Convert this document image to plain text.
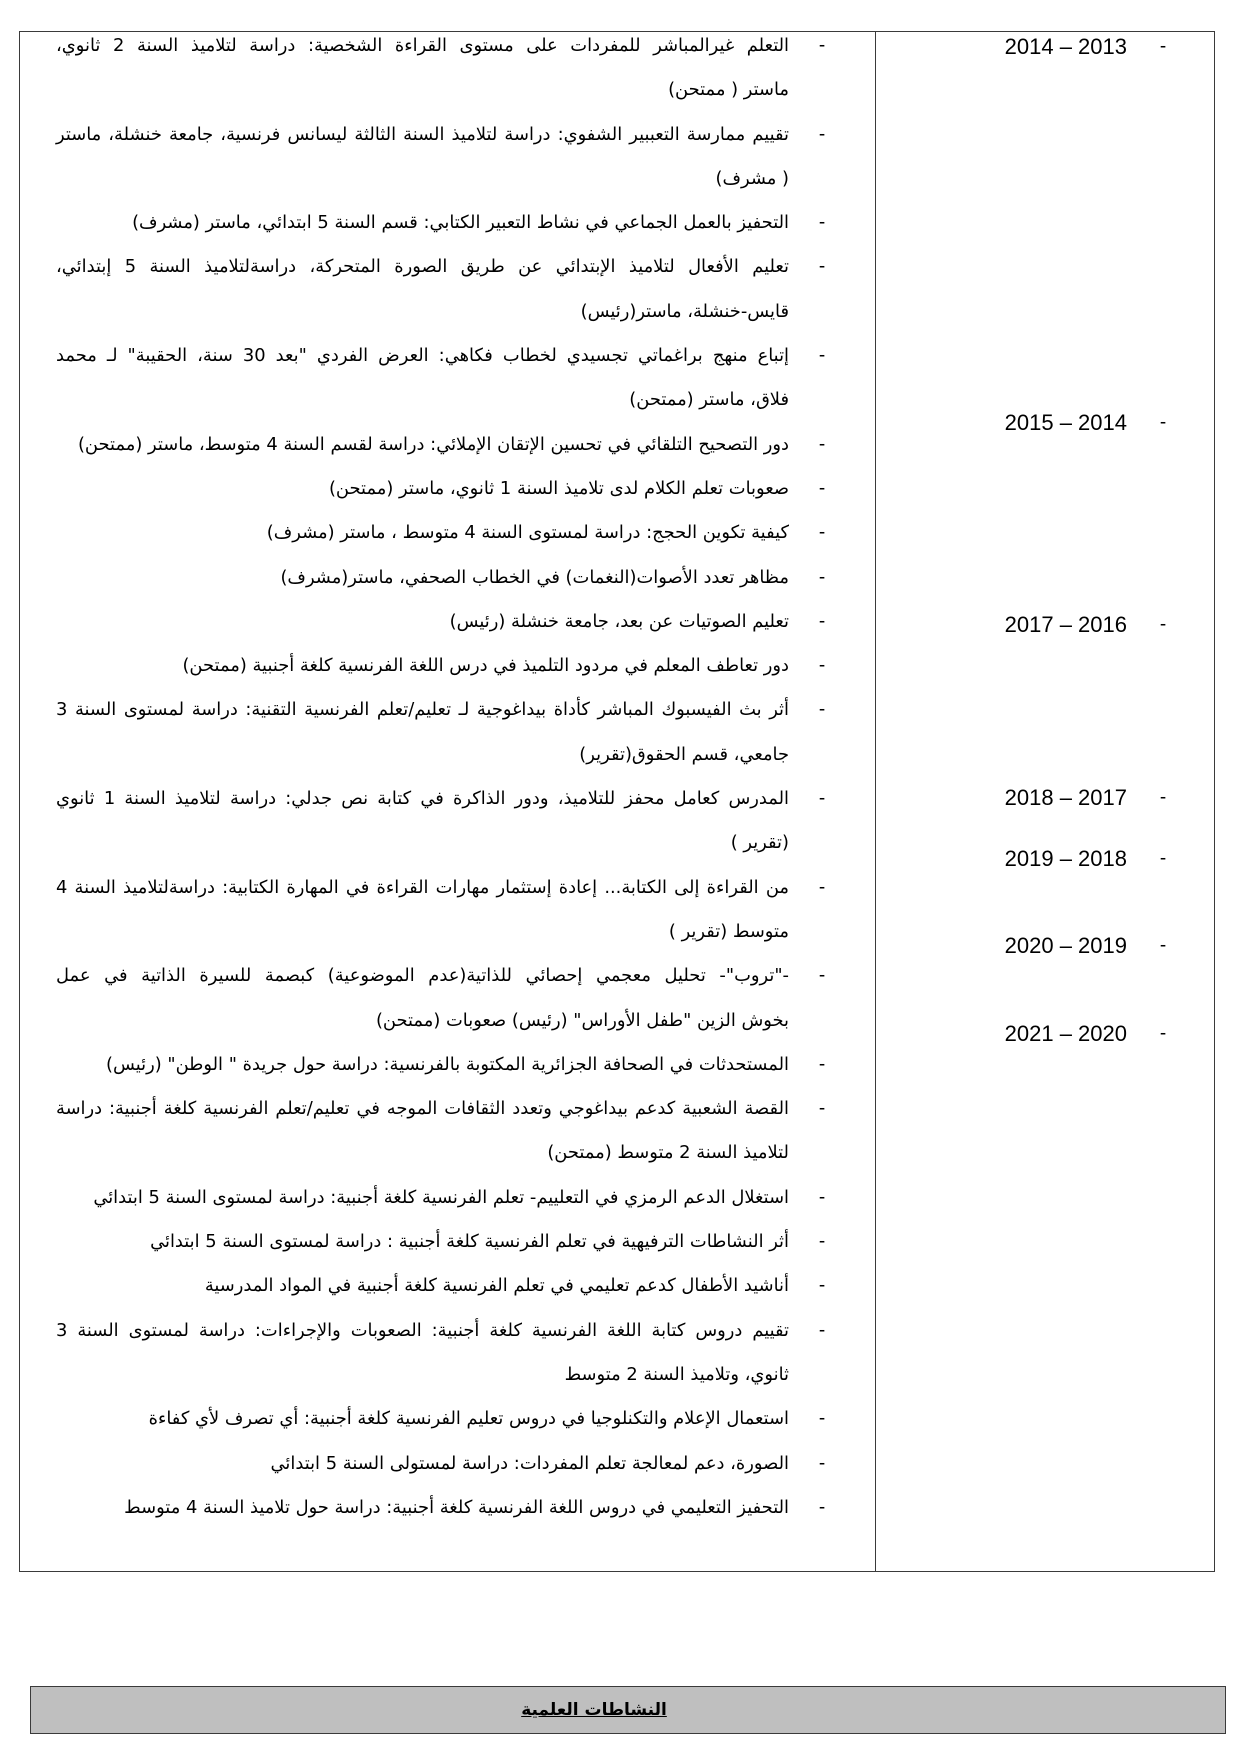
-
التعلم غيرالمباشر للمفردات على مستوى القراءة الشخصية: دراسة لتلاميذ السنة 2 ثانوي،
ماستر ( ممتحن)
-
تقييم ممارسة التعببير الشفوي: دراسة لتلاميذ السنة الثالثة ليسانس فرنسية، جامعة خنشلة، ماستر
( مشرف)
-
التحفيز بالعمل الجماعي في نشاط التعبير الكتابي: قسم السنة 5 ابتدائي، ماستر (مشرف)
-
تعليم الأفعال لتلاميذ الإبتدائي عن طريق الصورة المتحركة، دراسةلتلاميذ السنة 5 إبتدائي،
قايس-خنشلة، ماستر(رئيس)
-
إتباع منهج براغماتي تجسيدي لخطاب فكاهي: العرض الفردي "بعد 30 سنة، الحقيبة" لـ محمد
فلاق، ماستر (ممتحن)
-
دور التصحيح التلقائي في تحسين الإتقان الإملائي: دراسة لقسم السنة 4 متوسط، ماستر (ممتحن)
-
صعوبات تعلم الكلام لدى تلاميذ السنة 1 ثانوي، ماستر (ممتحن)
-
كيفية تكوين الحجج: دراسة لمستوى السنة 4 متوسط ، ماستر (مشرف)
-
مظاهر تعدد الأصوات(النغمات) في الخطاب الصحفي، ماستر(مشرف)
-
تعليم الصوتيات عن بعد، جامعة خنشلة (رئيس)
-
دور تعاطف المعلم في مردود التلميذ في درس اللغة الفرنسية كلغة أجنبية (ممتحن)
-
أثر بث الفيسبوك المباشر كأداة بيداغوجية لـ تعليم/تعلم الفرنسية التقنية: دراسة لمستوى السنة 3
جامعي، قسم الحقوق(تقرير)
-
المدرس كعامل محفز للتلاميذ، ودور الذاكرة في كتابة نص جدلي: دراسة لتلاميذ السنة 1 ثانوي
(تقرير )
-
من القراءة إلى الكتابة... إعادة إستثمار مهارات القراءة في المهارة الكتابية: دراسةلتلاميذ السنة 4
متوسط (تقرير )
-
-"تروب"- تحليل معجمي إحصائي للذاتية(عدم الموضوعية) كبصمة للسيرة الذاتية في عمل
بخوش الزين "طفل الأوراس" (رئيس) صعوبات (ممتحن)
-
المستحدثات في الصحافة الجزائرية المكتوبة بالفرنسية: دراسة حول جريدة " الوطن" (رئيس)
-
القصة الشعبية كدعم بيداغوجي وتعدد الثقافات الموجه في تعليم/تعلم الفرنسية كلغة أجنبية: دراسة
لتلاميذ السنة 2 متوسط (ممتحن)
-
استغلال الدعم الرمزي في التعلييم- تعلم الفرنسية كلغة أجنبية: دراسة لمستوى السنة 5 ابتدائي
-
أثر النشاطات الترفيهية في تعلم الفرنسية كلغة أجنبية : دراسة لمستوى السنة 5 ابتدائي
-
أناشيد الأطفال كدعم تعليمي في تعلم الفرنسية كلغة أجنبية في المواد المدرسية
-
تقييم دروس كتابة اللغة الفرنسية كلغة أجنبية: الصعوبات والإجراءات: دراسة لمستوى السنة 3
ثانوي، وتلاميذ السنة 2 متوسط
-
استعمال الإعلام والتكنلوجيا في دروس تعليم الفرنسية كلغة أجنبية: أي تصرف لأي كفاءة
-
الصورة، دعم لمعالجة تعلم المفردات: دراسة لمستولى السنة 5 ابتدائي
-
التحفيز التعليمي في دروس اللغة الفرنسية كلغة أجنبية: دراسة حول تلاميذ السنة 4 متوسط
-
2014 – 2013
-
2015 – 2014
-
2017 – 2016
-
2018 – 2017
-
2019 – 2018
-
2020 – 2019
-
2021 – 2020
النشاطات العلمية
